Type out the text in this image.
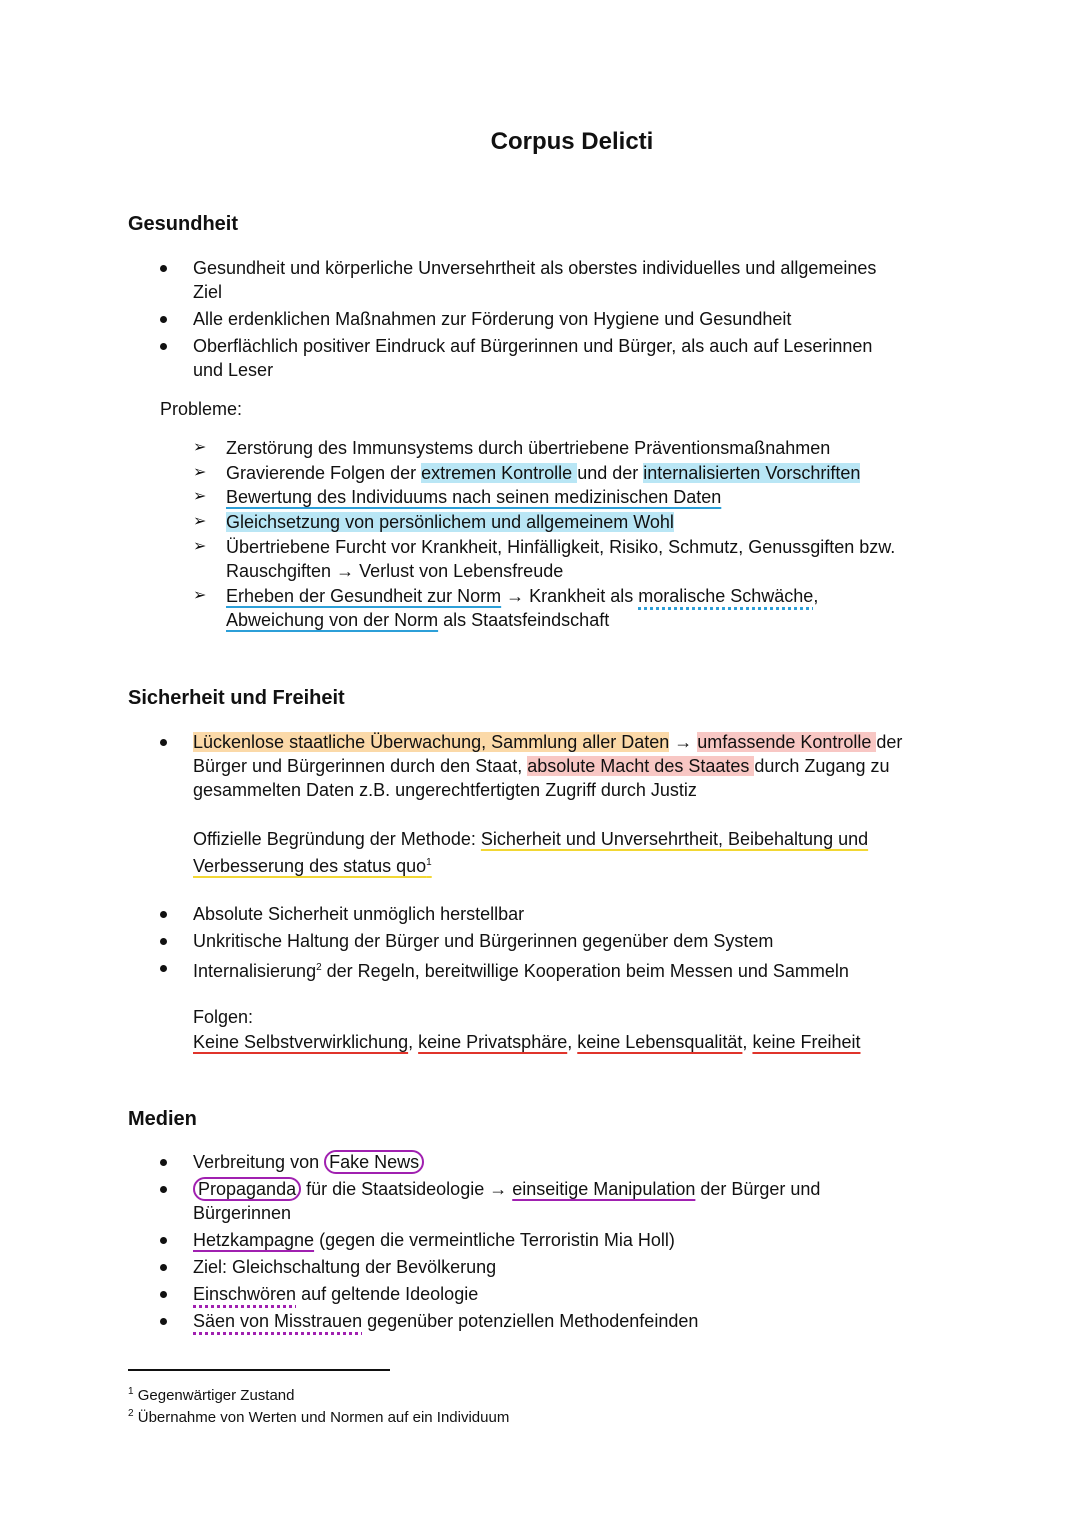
Corpus Delicti
Gesundheit
Gesundheit und körperliche Unversehrtheit als oberstes individuelles und allgemeines
Ziel
Alle erdenklichen Maßnahmen zur Förderung von Hygiene und Gesundheit
Oberflächlich positiver Eindruck auf Bürgerinnen und Bürger, als auch auf Leserinnen
und Leser
Probleme:
➢ Zerstörung des Immunsystems durch übertriebene Präventionsmaßnahmen
➢ Gravierende Folgen der extremen Kontrolle und der internalisierten Vorschriften
➢ Bewertung des Individuums nach seinen medizinischen Daten
➢ Gleichsetzung von persönlichem und allgemeinem Wohl
➢ Übertriebene Furcht vor Krankheit, Hinfälligkeit, Risiko, Schmutz, Genussgiften bzw.
Rauschgiften → Verlust von Lebensfreude
➢ Erheben der Gesundheit zur Norm → Krankheit als moralische Schwäche,
Abweichung von der Norm als Staatsfeindschaft
Sicherheit und Freiheit
Lückenlose staatliche Überwachung, Sammlung aller Daten → umfassende Kontrolle der
Bürger und Bürgerinnen durch den Staat, absolute Macht des Staates durch Zugang zu
gesammelten Daten z.B. ungerechtfertigten Zugriff durch Justiz
Offizielle Begründung der Methode: Sicherheit und Unversehrtheit, Beibehaltung und
Verbesserung des status quo$^1$
Absolute Sicherheit unmöglich herstellbar
Unkritische Haltung der Bürger und Bürgerinnen gegenüber dem System
Internalisierung$^2$ der Regeln, bereitwillige Kooperation beim Messen und Sammeln
Folgen:
Keine Selbstverwirklichung, keine Privatsphäre, keine Lebensqualität, keine Freiheit
Medien
Verbreitung von Fake News
Propaganda für die Staatsideologie → einseitige Manipulation der Bürger und
Bürgerinnen
Hetzkampagne (gegen die vermeintliche Terroristin Mia Holl)
Ziel: Gleichschaltung der Bevölkerung
Einschwören auf geltende Ideologie
Säen von Misstrauen gegenüber potenziellen Methodenfeinden
$^1$ Gegenwärtiger Zustand
$^2$ Übernahme von Werten und Normen auf ein Individuum
